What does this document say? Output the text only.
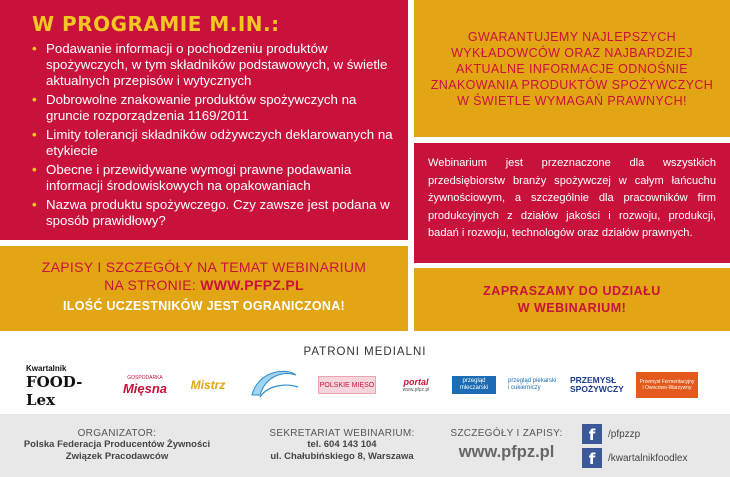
W PROGRAMIE M.IN.:
• Podawanie informacji o pochodzeniu produktów spożywczych, w tym składników podstawowych, w świetle aktualnych przepisów i wytycznych
• Dobrowolne znakowanie produktów spożywczych na gruncie rozporządzenia 1169/2011
• Limity tolerancji składników odżywczych deklarowanych na etykiecie
• Obecne i przewidywane wymogi prawne podawania informacji środowiskowych na opakowaniach
• Nazwa produktu spożywczego. Czy zawsze jest podana w sposób prawidłowy?

GWARANTUJEMY NAJLEPSZYCH WYKŁADOWCÓW ORAZ NAJBARDZIEJ AKTUALNE INFORMACJE ODNOŚNIE ZNAKOWANIA PRODUKTÓW SPOŻYWCZYCH W ŚWIETLE WYMAGAŃ PRAWNYCH!

Webinarium jest przeznaczone dla wszystkich przedsiębiorstw branży spożywczej w całym łańcuchu żywnościowym, a szczególnie dla pracowników firm produkcyjnych z działów jakości i rozwoju, produkcji, badań i rozwoju, technologów oraz działów prawnych.

ZAPISY I SZCZEGÓŁY NA TEMAT WEBINARIUM
NA STRONIE: WWW.PFPZ.PL
ILOŚĆ UCZESTNIKÓW JEST OGRANICZONA!
ZAPRASZAMY DO UDZIAŁU
W WEBINARIUM!
PATRONI MEDIALNI
Kwartalnik
FOOD-Lex
GOSPODARKA
Mięsna Mistrz	POLSKIE MIĘSO	portal
www.pfpz.pl
przegląd mleczarski
przegląd piekarski i cukierniczy
PRZEMYSŁ SPOŻYWCZY
Przemysł Fermentacyjny i Owocowo-Warzywny
ORGANIZATOR:
Polska Federacja Producentów Żywności
Związek Pracodawców
SEKRETARIAT WEBINARIUM:
tel. 604 143 104
ul. Chałubińskiego 8, Warszawa
SZCZEGÓŁY I ZAPISY:
www.pfpz.pl
f	/pfpzzp
f	/kwartalnikfoodlex
